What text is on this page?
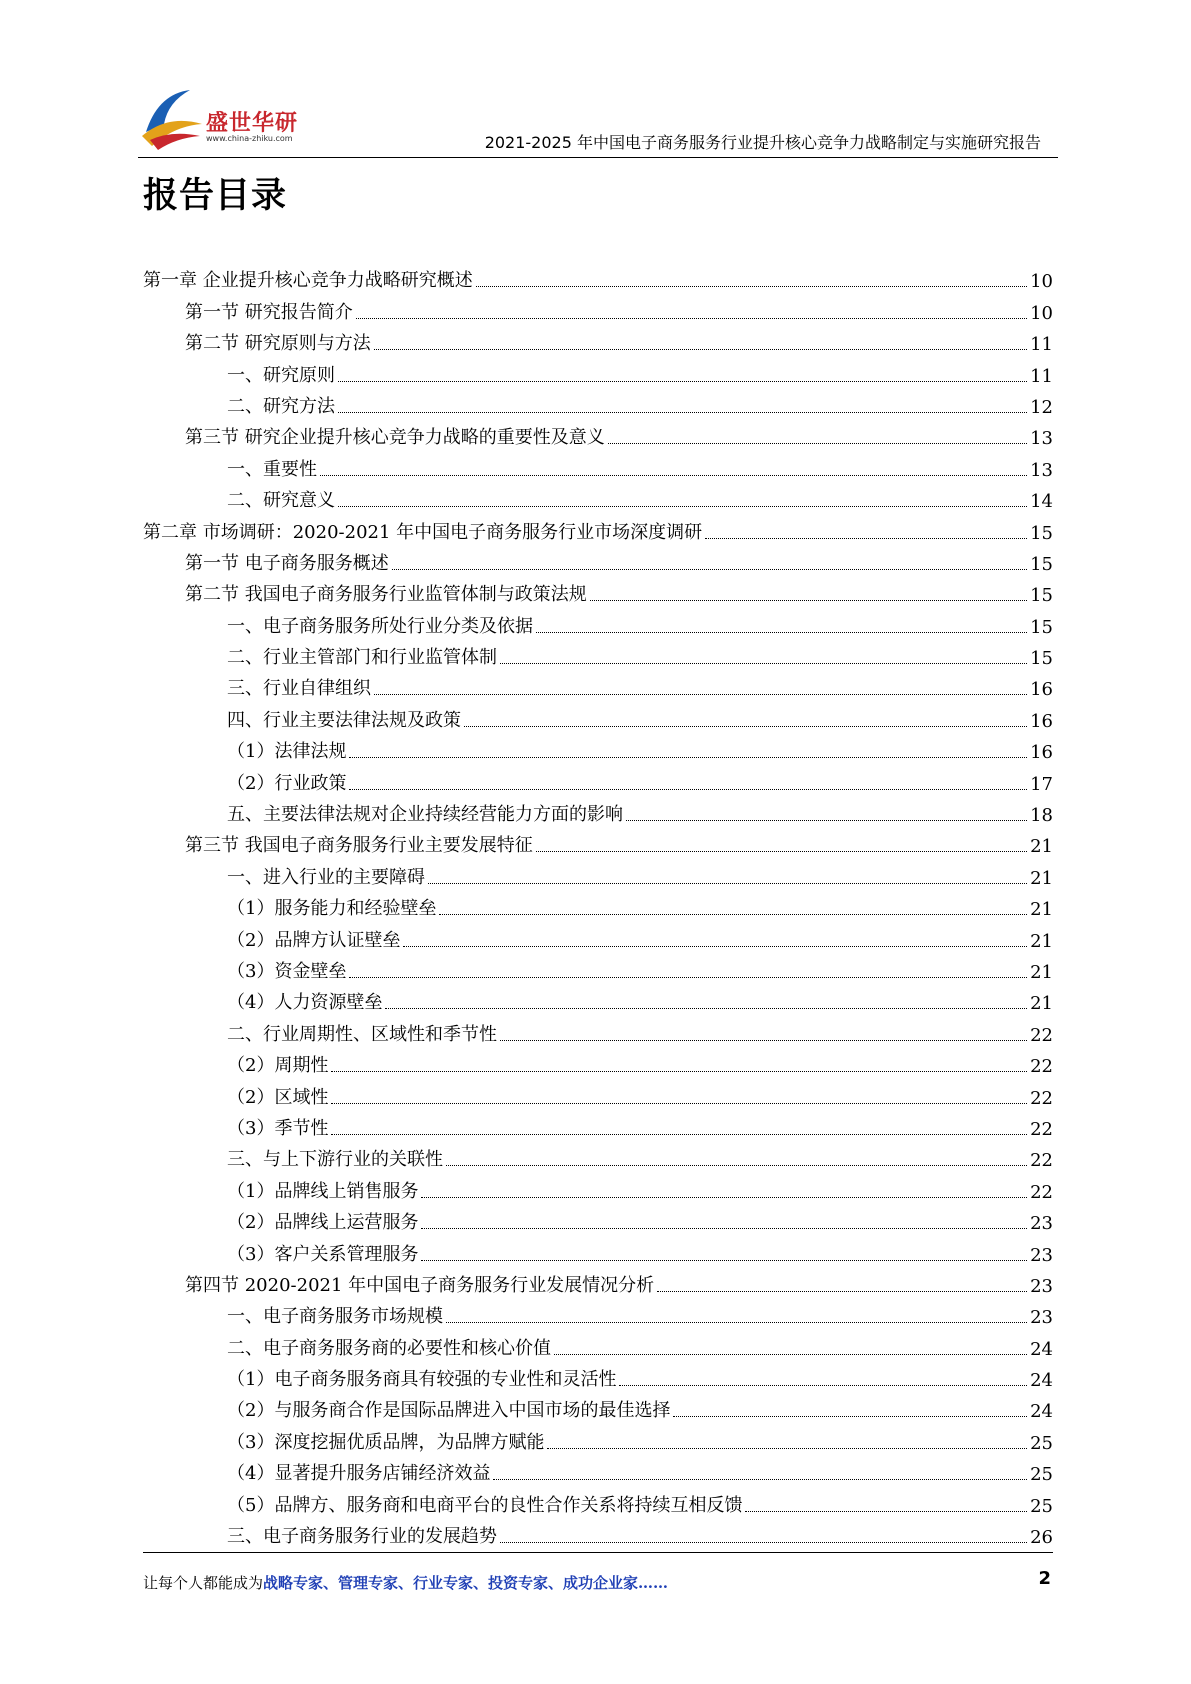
盛世华研
www.china-zhiku.com	2021-2025 年中国电子商务服务行业提升核心竞争力战略制定与实施研究报告
报告目录
第一章 企业提升核心竞争力战略研究概述	10
第一节 研究报告简介	10
第二节 研究原则与方法	11
一、研究原则	11
二、研究方法	12
第三节 研究企业提升核心竞争力战略的重要性及意义	13
一、重要性	13
二、研究意义	14
第二章 市场调研：2020-2021 年中国电子商务服务行业市场深度调研	15
第一节 电子商务服务概述	15
第二节 我国电子商务服务行业监管体制与政策法规	15
一、电子商务服务所处行业分类及依据	15
二、行业主管部门和行业监管体制	15
三、行业自律组织	16
四、行业主要法律法规及政策	16
（1）法律法规	16
（2）行业政策	17
五、主要法律法规对企业持续经营能力方面的影响	18
第三节 我国电子商务服务行业主要发展特征	21
一、进入行业的主要障碍	21
（1）服务能力和经验壁垒	21
（2）品牌方认证壁垒	21
（3）资金壁垒	21
（4）人力资源壁垒	21
二、行业周期性、区域性和季节性	22
（2）周期性	22
（2）区域性	22
（3）季节性	22
三、与上下游行业的关联性	22
（1）品牌线上销售服务	22
（2）品牌线上运营服务	23
（3）客户关系管理服务	23
第四节 2020-2021 年中国电子商务服务行业发展情况分析	23
一、电子商务服务市场规模	23
二、电子商务服务商的必要性和核心价值	24
（1）电子商务服务商具有较强的专业性和灵活性	24
（2）与服务商合作是国际品牌进入中国市场的最佳选择	24
（3）深度挖掘优质品牌，为品牌方赋能	25
（4）显著提升服务店铺经济效益	25
（5）品牌方、服务商和电商平台的良性合作关系将持续互相反馈	25
三、电子商务服务行业的发展趋势	26
让每个人都能成为战略专家、管理专家、行业专家、投资专家、成功企业家……	2
